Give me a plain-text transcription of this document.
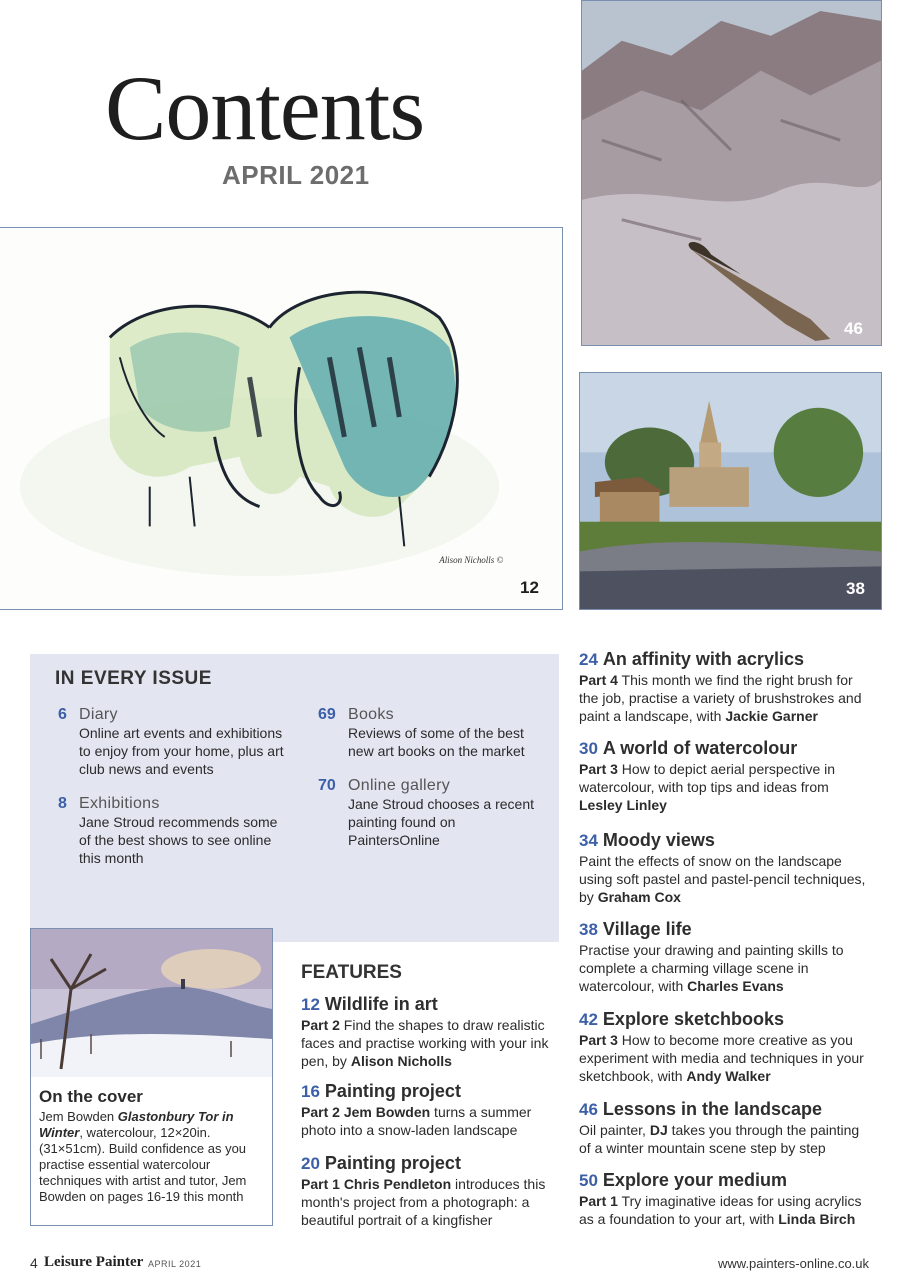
Contents
APRIL 2021
Alison Nicholls ©
12
46
38
IN EVERY ISSUE
6 Diary
Online art events and exhibitions to enjoy from your home, plus art club news and events
8 Exhibitions
Jane Stroud recommends some of the best shows to see online this month
69 Books
Reviews of some of the best new art books on the market
70 Online gallery
Jane Stroud chooses a recent painting found on PaintersOnline
On the cover
Jem Bowden Glastonbury Tor in Winter, watercolour, 12×20in. (31×51cm). Build confidence as you practise essential watercolour techniques with artist and tutor, Jem Bowden on pages 16-19 this month
FEATURES
12 Wildlife in art
Part 2 Find the shapes to draw realistic faces and practise working with your ink pen, by Alison Nicholls
16 Painting project
Part 2 Jem Bowden turns a summer photo into a snow-laden landscape
20 Painting project
Part 1 Chris Pendleton introduces this month's project from a photograph: a beautiful portrait of a kingfisher
24 An affinity with acrylics
Part 4 This month we find the right brush for the job, practise a variety of brushstrokes and paint a landscape, with Jackie Garner
30 A world of watercolour
Part 3 How to depict aerial perspective in watercolour, with top tips and ideas from Lesley Linley
34 Moody views
Paint the effects of snow on the landscape using soft pastel and pastel-pencil techniques, by Graham Cox
38 Village life
Practise your drawing and painting skills to complete a charming village scene in watercolour, with Charles Evans
42 Explore sketchbooks
Part 3 How to become more creative as you experiment with media and techniques in your sketchbook, with Andy Walker
46 Lessons in the landscape
Oil painter, DJ takes you through the painting of a winter mountain scene step by step
50 Explore your medium
Part 1 Try imaginative ideas for using acrylics as a foundation to your art, with Linda Birch
4 Leisure Painter APRIL 2021	www.painters-online.co.uk
